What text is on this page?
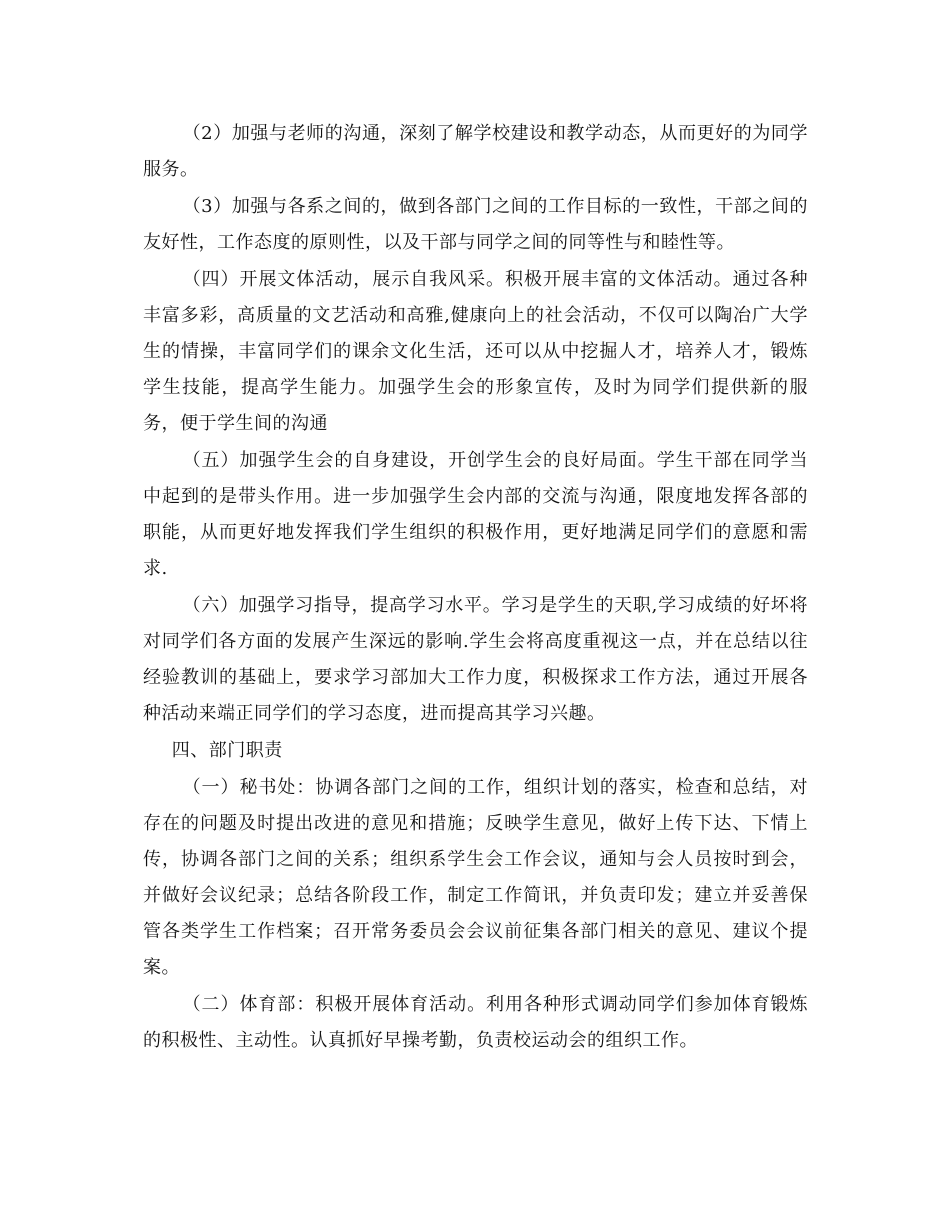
（2）加强与老师的沟通，深刻了解学校建设和教学动态，从而更好的为同学服务。

（3）加强与各系之间的，做到各部门之间的工作目标的一致性，干部之间的友好性，工作态度的原则性，以及干部与同学之间的同等性与和睦性等。

（四）开展文体活动，展示自我风采。积极开展丰富的文体活动。通过各种丰富多彩，高质量的文艺活动和高雅,健康向上的社会活动，不仅可以陶冶广大学生的情操，丰富同学们的课余文化生活，还可以从中挖掘人才，培养人才，锻炼学生技能，提高学生能力。加强学生会的形象宣传，及时为同学们提供新的服务，便于学生间的沟通

（五）加强学生会的自身建设，开创学生会的良好局面。学生干部在同学当中起到的是带头作用。进一步加强学生会内部的交流与沟通，限度地发挥各部的职能，从而更好地发挥我们学生组织的积极作用，更好地满足同学们的意愿和需求.

（六）加强学习指导，提高学习水平。学习是学生的天职,学习成绩的好坏将对同学们各方面的发展产生深远的影响.学生会将高度重视这一点，并在总结以往经验教训的基础上，要求学习部加大工作力度，积极探求工作方法，通过开展各种活动来端正同学们的学习态度，进而提高其学习兴趣。

四、部门职责

（一）秘书处：协调各部门之间的工作，组织计划的落实，检查和总结，对存在的问题及时提出改进的意见和措施；反映学生意见，做好上传下达、下情上传，协调各部门之间的关系；组织系学生会工作会议，通知与会人员按时到会，并做好会议纪录；总结各阶段工作，制定工作简讯，并负责印发；建立并妥善保管各类学生工作档案；召开常务委员会会议前征集各部门相关的意见、建议个提案。

（二）体育部：积极开展体育活动。利用各种形式调动同学们参加体育锻炼的积极性、主动性。认真抓好早操考勤，负责校运动会的组织工作。
